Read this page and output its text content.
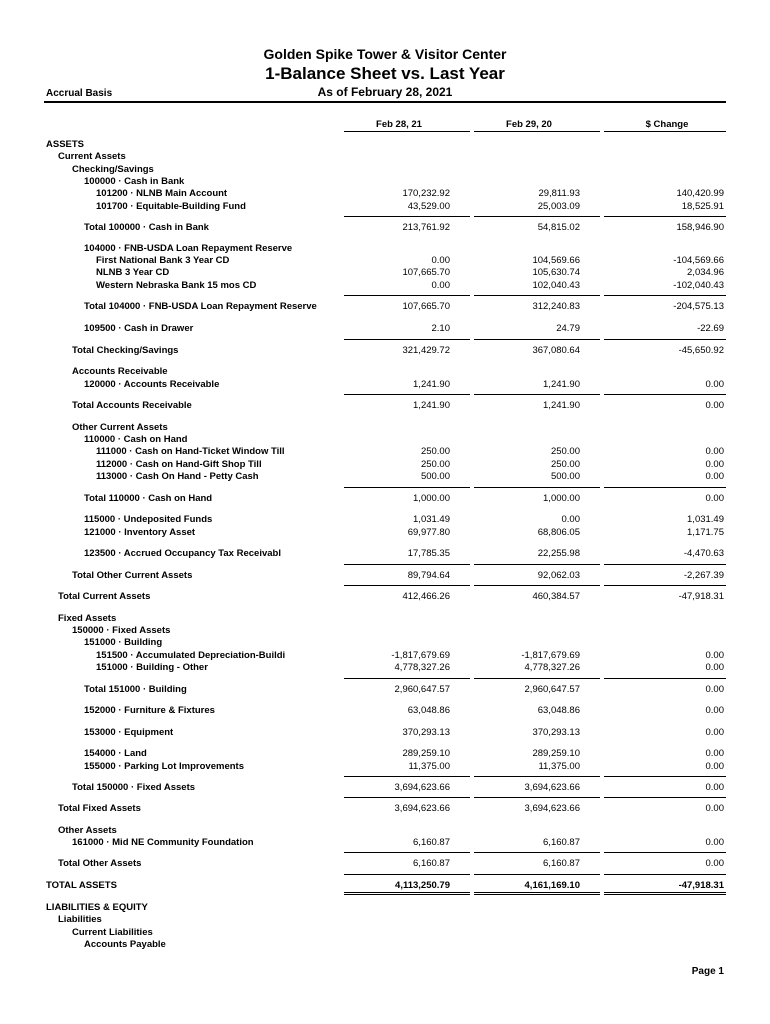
Golden Spike Tower & Visitor Center
1-Balance Sheet vs. Last Year
As of February 28, 2021
Accrual Basis
Feb 28, 21	Feb 29, 20	$ Change
ASSETS
Current Assets
Checking/Savings
100000 · Cash in Bank
101200 · NLNB Main Account	170,232.92	29,811.93	140,420.99
101700 · Equitable-Building Fund	43,529.00	25,003.09	18,525.91
Total 100000 · Cash in Bank	213,761.92	54,815.02	158,946.90
104000 · FNB-USDA Loan Repayment Reserve
First National Bank 3 Year CD	0.00	104,569.66	-104,569.66
NLNB 3 Year CD	107,665.70	105,630.74	2,034.96
Western Nebraska Bank 15 mos CD	0.00	102,040.43	-102,040.43
Total 104000 · FNB-USDA Loan Repayment Reserve	107,665.70	312,240.83	-204,575.13
109500 · Cash in Drawer	2.10	24.79	-22.69
Total Checking/Savings	321,429.72	367,080.64	-45,650.92
Accounts Receivable
120000 · Accounts Receivable	1,241.90	1,241.90	0.00
Total Accounts Receivable	1,241.90	1,241.90	0.00
Other Current Assets
110000 · Cash on Hand
111000 · Cash on Hand-Ticket Window Till	250.00	250.00	0.00
112000 · Cash on Hand-Gift Shop Till	250.00	250.00	0.00
113000 · Cash On Hand - Petty Cash	500.00	500.00	0.00
Total 110000 · Cash on Hand	1,000.00	1,000.00	0.00
115000 · Undeposited Funds	1,031.49	0.00	1,031.49
121000 · Inventory Asset	69,977.80	68,806.05	1,171.75
123500 · Accrued Occupancy Tax Receivabl	17,785.35	22,255.98	-4,470.63
Total Other Current Assets	89,794.64	92,062.03	-2,267.39
Total Current Assets	412,466.26	460,384.57	-47,918.31
Fixed Assets
150000 · Fixed Assets
151000 · Building
151500 · Accumulated Depreciation-Buildi	-1,817,679.69	-1,817,679.69	0.00
151000 · Building - Other	4,778,327.26	4,778,327.26	0.00
Total 151000 · Building	2,960,647.57	2,960,647.57	0.00
152000 · Furniture & Fixtures	63,048.86	63,048.86	0.00
153000 · Equipment	370,293.13	370,293.13	0.00
154000 · Land	289,259.10	289,259.10	0.00
155000 · Parking Lot Improvements	11,375.00	11,375.00	0.00
Total 150000 · Fixed Assets	3,694,623.66	3,694,623.66	0.00
Total Fixed Assets	3,694,623.66	3,694,623.66	0.00
Other Assets
161000 · Mid NE Community Foundation	6,160.87	6,160.87	0.00
Total Other Assets	6,160.87	6,160.87	0.00
TOTAL ASSETS	4,113,250.79	4,161,169.10	-47,918.31
LIABILITIES & EQUITY
Liabilities
Current Liabilities
Accounts Payable
Page 1
